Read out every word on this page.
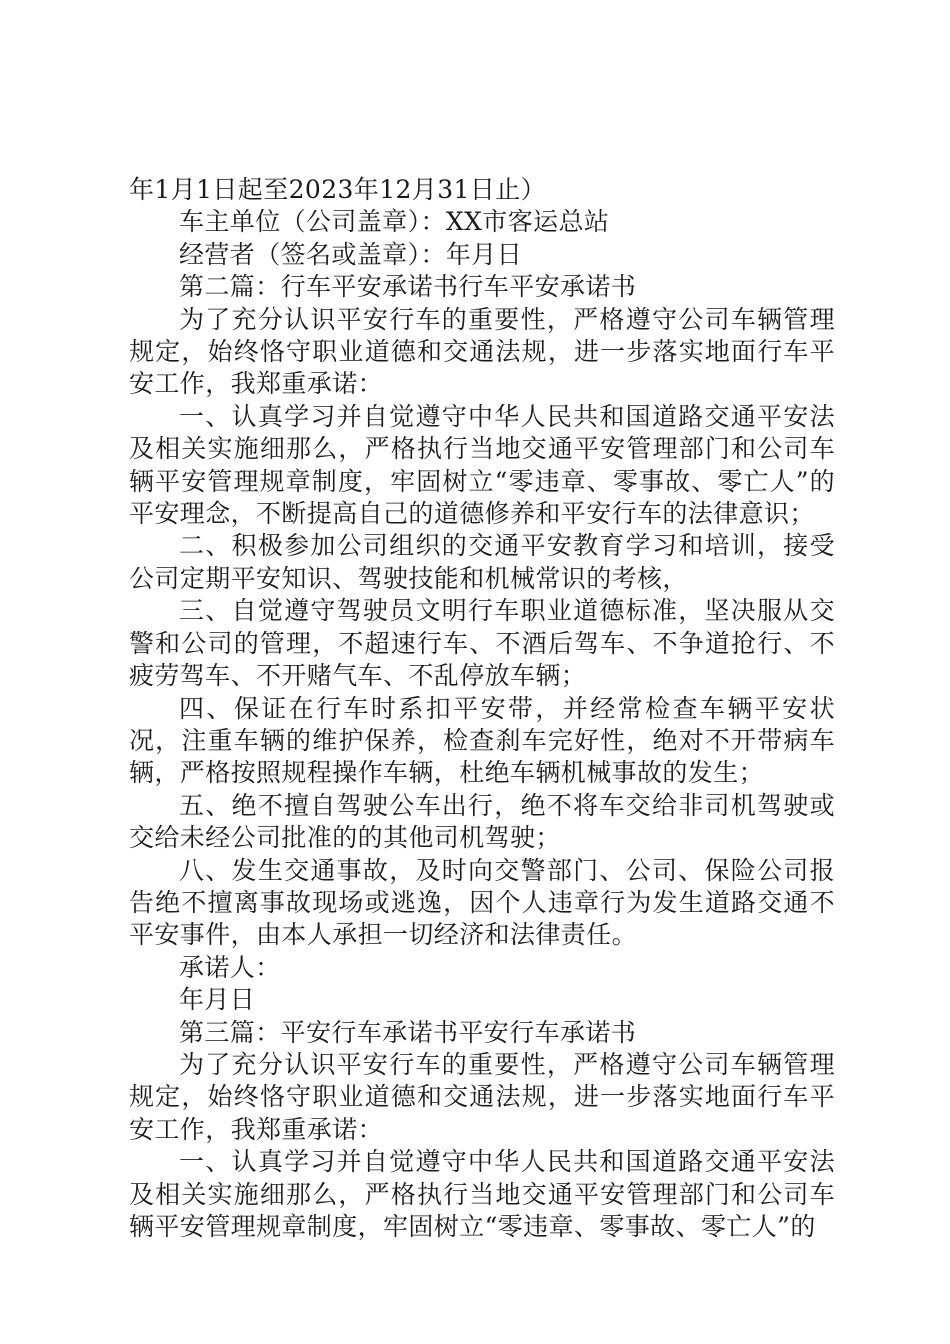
年1月1日起至2023年12月31日止）

车主单位（公司盖章）：XX市客运总站

经营者（签名或盖章）：年月日

第二篇：行车平安承诺书行车平安承诺书

为了充分认识平安行车的重要性，严格遵守公司车辆管理规定，始终恪守职业道德和交通法规，进一步落实地面行车平安工作，我郑重承诺：

一、认真学习并自觉遵守中华人民共和国道路交通平安法及相关实施细那么，严格执行当地交通平安管理部门和公司车辆平安管理规章制度，牢固树立“零违章、零事故、零亡人”的平安理念，不断提高自己的道德修养和平安行车的法律意识；

二、积极参加公司组织的交通平安教育学习和培训，接受公司定期平安知识、驾驶技能和机械常识的考核，

三、自觉遵守驾驶员文明行车职业道德标准，坚决服从交警和公司的管理，不超速行车、不酒后驾车、不争道抢行、不疲劳驾车、不开赌气车、不乱停放车辆；

四、保证在行车时系扣平安带，并经常检查车辆平安状况，注重车辆的维护保养，检查刹车完好性，绝对不开带病车辆，严格按照规程操作车辆，杜绝车辆机械事故的发生；

五、绝不擅自驾驶公车出行，绝不将车交给非司机驾驶或交给未经公司批准的的其他司机驾驶；

八、发生交通事故，及时向交警部门、公司、保险公司报告绝不擅离事故现场或逃逸，因个人违章行为发生道路交通不平安事件，由本人承担一切经济和法律责任。

承诺人：

年月日

第三篇：平安行车承诺书平安行车承诺书

为了充分认识平安行车的重要性，严格遵守公司车辆管理规定，始终恪守职业道德和交通法规，进一步落实地面行车平安工作，我郑重承诺：

一、认真学习并自觉遵守中华人民共和国道路交通平安法及相关实施细那么，严格执行当地交通平安管理部门和公司车辆平安管理规章制度，牢固树立“零违章、零事故、零亡人”的
